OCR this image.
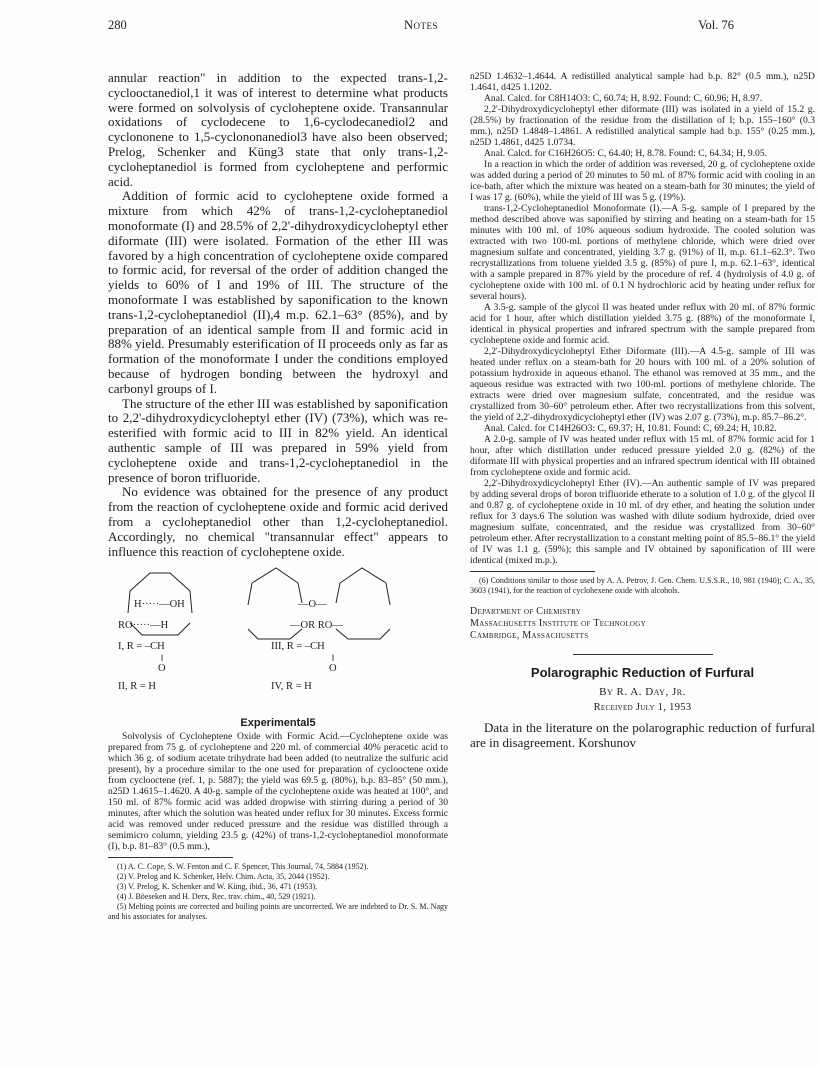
280	Notes	Vol. 76

annular reaction" in addition to the expected trans-1,2-cyclooctanediol,1 it was of interest to determine what products were formed on solvolysis of cycloheptene oxide. Transannular oxidations of cyclodecene to 1,6-cyclodecanediol2 and cyclononene to 1,5-cyclononanediol3 have also been observed; Prelog, Schenker and Küng3 state that only trans-1,2-cycloheptanediol is formed from cycloheptene and performic acid.

Addition of formic acid to cycloheptene oxide formed a mixture from which 42% of trans-1,2-cycloheptanediol monoformate (I) and 28.5% of 2,2'-dihydroxydicycloheptyl ether diformate (III) were isolated. Formation of the ether III was favored by a high concentration of cycloheptene oxide compared to formic acid, for reversal of the order of addition changed the yields to 60% of I and 19% of III. The structure of the monoformate I was established by saponification to the known trans-1,2-cycloheptanediol (II),4 m.p. 62.1–63° (85%), and by preparation of an identical sample from II and formic acid in 88% yield. Presumably esterification of II proceeds only as far as formation of the monoformate I under the conditions employed because of hydrogen bonding between the hydroxyl and carbonyl groups of I.

The structure of the ether III was established by saponification to 2,2'-dihydroxydicycloheptyl ether (IV) (73%), which was re-esterified with formic acid to III in 82% yield. An identical authentic sample of III was prepared in 59% yield from cycloheptene oxide and trans-1,2-cycloheptanediol in the presence of boron trifluoride.

No evidence was obtained for the presence of any product from the reaction of cycloheptene oxide and formic acid derived from a cycloheptanediol other than 1,2-cycloheptanediol. Accordingly, no chemical "transannular effect" appears to influence this reaction of cycloheptene oxide.

H·····—OH
RO·····—H
I, R = –CH
‖
O
II, R = H
—O—
—OR RO—
III, R = –CH
‖
O
IV, R = H
Experimental5

Solvolysis of Cycloheptene Oxide with Formic Acid.—Cycloheptene oxide was prepared from 75 g. of cycloheptene and 220 ml. of commercial 40% peracetic acid to which 36 g. of sodium acetate trihydrate had been added (to neutralize the sulfuric acid present), by a procedure similar to the one used for preparation of cyclooctene oxide from cyclooctene (ref. 1, p. 5887); the yield was 69.5 g. (80%), b.p. 83–85° (50 mm.), n25D 1.4615–1.4620. A 40-g. sample of the cycloheptene oxide was heated at 100°, and 150 ml. of 87% formic acid was added dropwise with stirring during a period of 30 minutes, after which the solution was heated under reflux for 30 minutes. Excess formic acid was removed under reduced pressure and the residue was distilled through a semimicro column, yielding 23.5 g. (42%) of trans-1,2-cycloheptanediol monoformate (I), b.p. 81–83° (0.5 mm.),

(1) A. C. Cope, S. W. Fenton and C. F. Spencer, This Journal, 74, 5884 (1952).

(2) V. Prelog and K. Schenker, Helv. Chim. Acta, 35, 2044 (1952).

(3) V. Prelog, K. Schenker and W. Küng, ibid., 36, 471 (1953).

(4) J. Böeseken and H. Derx, Rec. trav. chim., 40, 529 (1921).

(5) Melting points are corrected and boiling points are uncorrected. We are indebted to Dr. S. M. Nagy and his associates for analyses.

n25D 1.4632–1.4644. A redistilled analytical sample had b.p. 82° (0.5 mm.), n25D 1.4641, d425 1.1202.

Anal. Calcd. for C8H14O3: C, 60.74; H, 8.92. Found: C, 60.96; H, 8.97.

2,2'-Dihydroxydicycloheptyl ether diformate (III) was isolated in a yield of 15.2 g. (28.5%) by fractionation of the residue from the distillation of I; b.p. 155–160° (0.3 mm.), n25D 1.4848–1.4861. A redistilled analytical sample had b.p. 155° (0.25 mm.), n25D 1.4861, d425 1.0734.

Anal. Calcd. for C16H26O5: C, 64.40; H, 8.78. Found: C, 64.34; H, 9.05.

In a reaction in which the order of addition was reversed, 20 g. of cycloheptene oxide was added during a period of 20 minutes to 50 ml. of 87% formic acid with cooling in an ice-bath, after which the mixture was heated on a steam-bath for 30 minutes; the yield of I was 17 g. (60%), while the yield of III was 5 g. (19%).

trans-1,2-Cycloheptanediol Monoformate (I).—A 5-g. sample of I prepared by the method described above was saponified by stirring and heating on a steam-bath for 15 minutes with 100 ml. of 10% aqueous sodium hydroxide. The cooled solution was extracted with two 100-ml. portions of methylene chloride, which were dried over magnesium sulfate and concentrated, yielding 3.7 g. (91%) of II, m.p. 61.1–62.3°. Two recrystallizations from toluene yielded 3.5 g. (85%) of pure I, m.p. 62.1–63°, identical with a sample prepared in 87% yield by the procedure of ref. 4 (hydrolysis of 4.0 g. of cycloheptene oxide with 100 ml. of 0.1 N hydrochloric acid by heating under reflux for several hours).

A 3.5-g. sample of the glycol II was heated under reflux with 20 ml. of 87% formic acid for 1 hour, after which distillation yielded 3.75 g. (88%) of the monoformate I, identical in physical properties and infrared spectrum with the sample prepared from cycloheptene oxide and formic acid.

2,2'-Dihydroxydicycloheptyl Ether Diformate (III).—A 4.5-g. sample of III was heated under reflux on a steam-bath for 20 hours with 100 ml. of a 20% solution of potassium hydroxide in aqueous ethanol. The ethanol was removed at 35 mm., and the aqueous residue was extracted with two 100-ml. portions of methylene chloride. The extracts were dried over magnesium sulfate, concentrated, and the residue was crystallized from 30–60° petroleum ether. After two recrystallizations from this solvent, the yield of 2,2'-dihydroxydicycloheptyl ether (IV) was 2.07 g. (73%), m.p. 85.7–86.2°.

Anal. Calcd. for C14H26O3: C, 69.37; H, 10.81. Found: C, 69.24; H, 10.82.

A 2.0-g. sample of IV was heated under reflux with 15 ml. of 87% formic acid for 1 hour, after which distillation under reduced pressure yielded 2.0 g. (82%) of the diformate III with physical properties and an infrared spectrum identical with III obtained from cycloheptene oxide and formic acid.

2,2'-Dihydroxydicycloheptyl Ether (IV).—An authentic sample of IV was prepared by adding several drops of boron trifluoride etherate to a solution of 1.0 g. of the glycol II and 0.87 g. of cycloheptene oxide in 10 ml. of dry ether, and heating the solution under reflux for 3 days.6 The solution was washed with dilute sodium hydroxide, dried over magnesium sulfate, concentrated, and the residue was crystallized from 30–60° petroleum ether. After recrystallization to a constant melting point of 85.5–86.1° the yield of IV was 1.1 g. (59%); this sample and IV obtained by saponification of III were identical (mixed m.p.).

(6) Conditions similar to those used by A. A. Petrov, J. Gen. Chem. U.S.S.R., 10, 981 (1940); C. A., 35, 3603 (1941), for the reaction of cyclohexene oxide with alcohols.

Department of Chemistry
Massachusetts Institute of Technology
Cambridge, Massachusetts
Polarographic Reduction of Furfural
By R. A. Day, Jr.
Received July 1, 1953

Data in the literature on the polarographic reduction of furfural are in disagreement. Korshunov
